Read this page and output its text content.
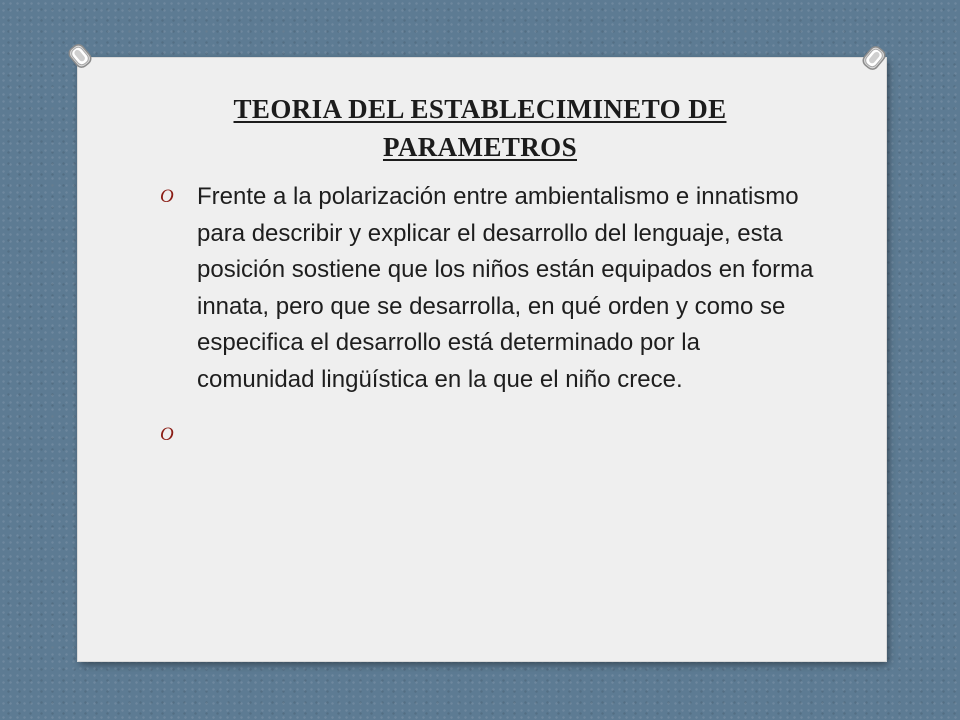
TEORIA DEL ESTABLECIMINETO DE
PARAMETROS
O Frente a la polarización entre ambientalismo e innatismo para describir y explicar el desarrollo del lenguaje, esta posición sostiene que los niños están equipados en forma innata, pero que se desarrolla, en qué orden y como se especifica el desarrollo está determinado por la comunidad lingüística en la que el niño crece.
O
